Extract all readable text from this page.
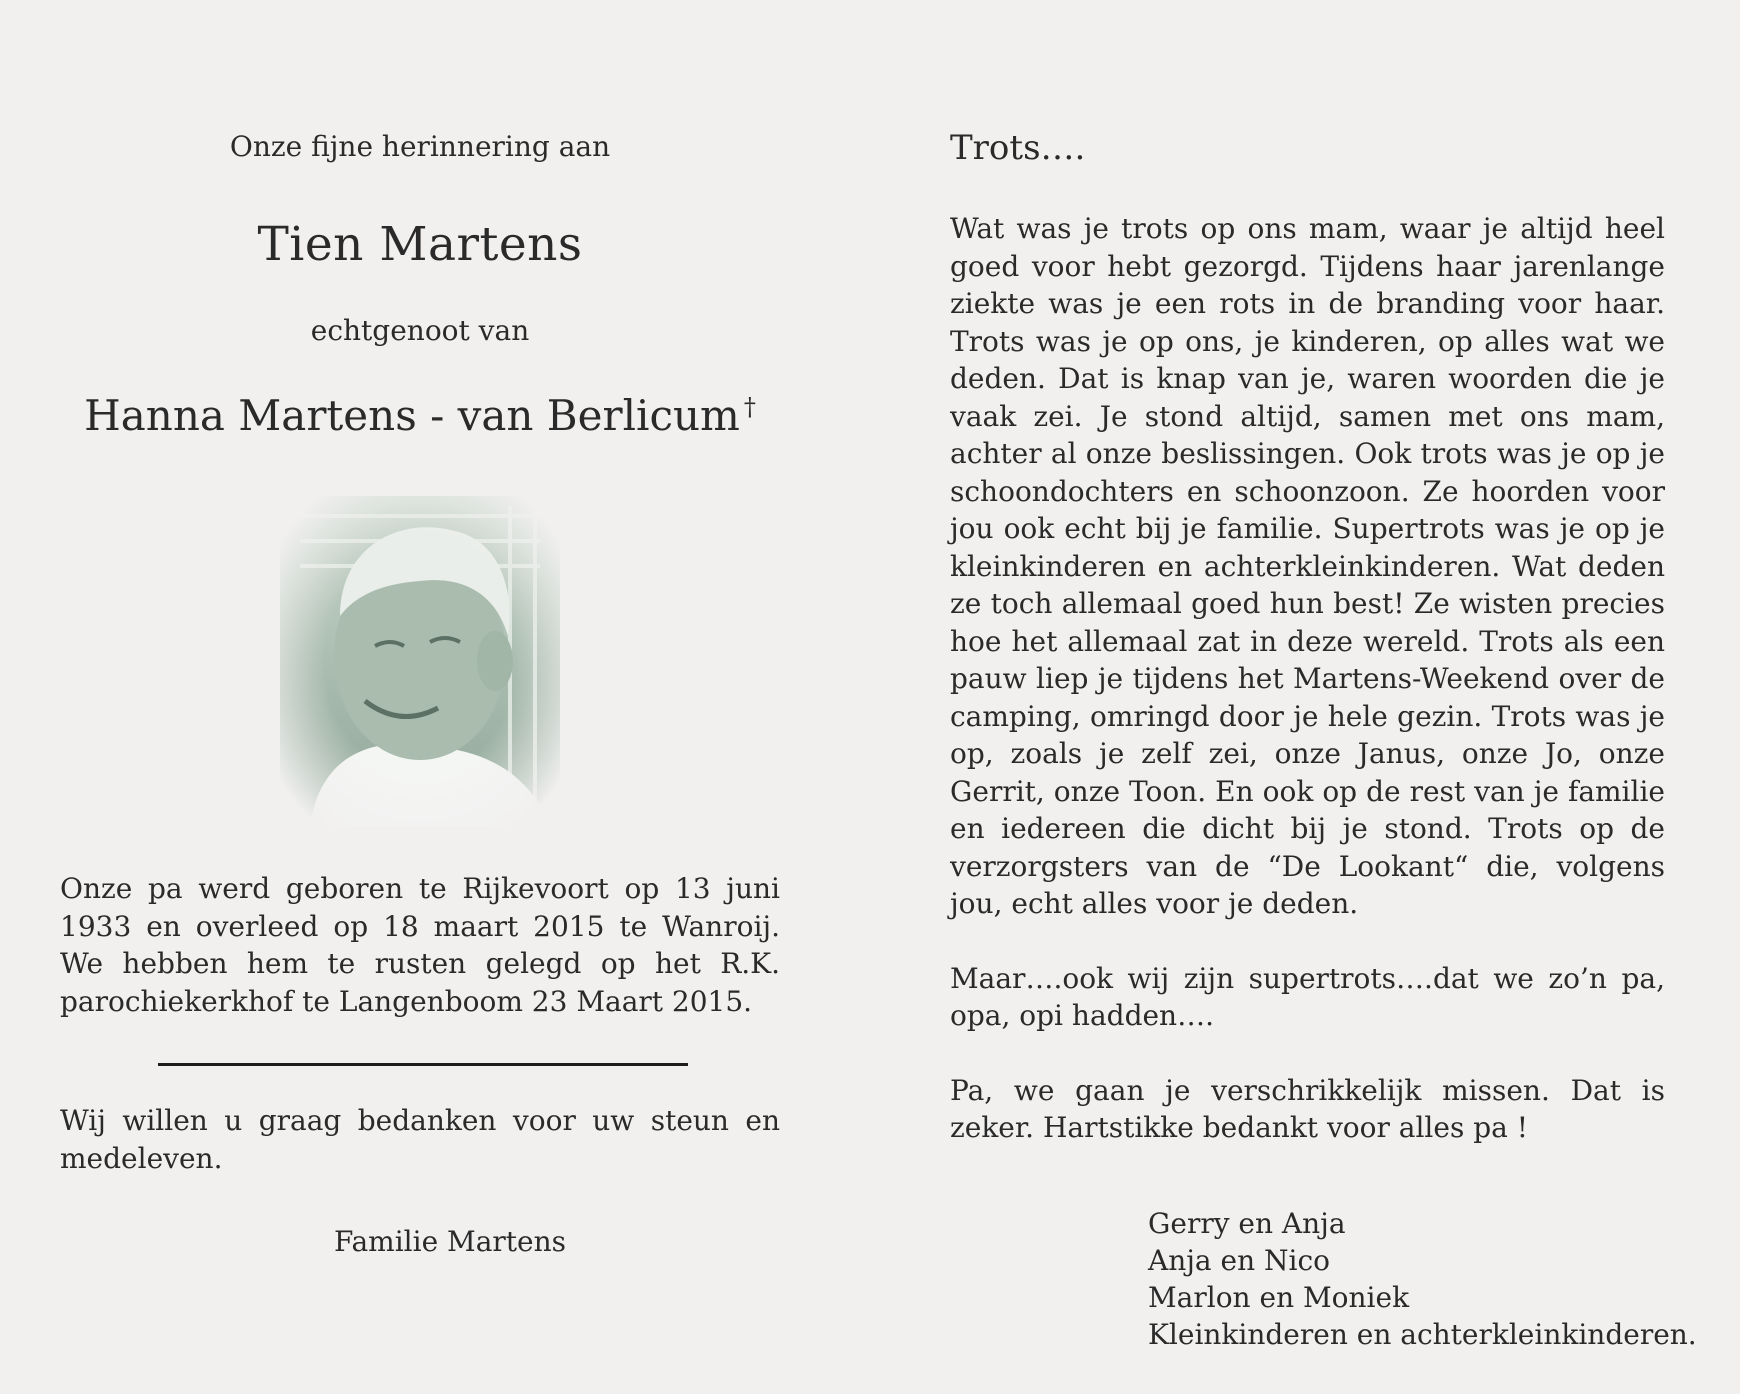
Onze fijne herinnering aan
Tien Martens
echtgenoot van
Hanna Martens - van Berlicum †
Onze pa werd geboren te Rijkevoort op 13 juni 1933 en overleed op 18 maart 2015 te Wanroij. We hebben hem te rusten gelegd op het R.K. parochiekerkhof te Langenboom 23 Maart 2015.
Wij willen u graag bedanken voor uw steun en medeleven.
Familie Martens
Trots….

Wat was je trots op ons mam, waar je altijd heel goed voor hebt gezorgd. Tijdens haar jarenlange ziekte was je een rots in de branding voor haar. Trots was je op ons, je kinderen, op alles wat we deden. Dat is knap van je, waren woorden die je vaak zei. Je stond altijd, samen met ons mam, achter al onze beslissingen. Ook trots was je op je schoondochters en schoonzoon. Ze hoorden voor jou ook echt bij je familie. Supertrots was je op je kleinkinderen en achterkleinkinderen. Wat deden ze toch allemaal goed hun best! Ze wisten precies hoe het allemaal zat in deze wereld. Trots als een pauw liep je tijdens het Martens-Weekend over de camping, omringd door je hele gezin. Trots was je op, zoals je zelf zei, onze Janus, onze Jo, onze Gerrit, onze Toon. En ook op de rest van je familie en iedereen die dicht bij je stond. Trots op de verzorgsters van de “De Lookant“ die, volgens jou, echt alles voor je deden.

Maar….ook wij zijn supertrots….dat we zo’n pa, opa, opi hadden….

Pa, we gaan je verschrikkelijk missen. Dat is zeker. Hartstikke bedankt voor alles pa !

Gerry en Anja
Anja en Nico
Marlon en Moniek
Kleinkinderen en achterkleinkinderen.
